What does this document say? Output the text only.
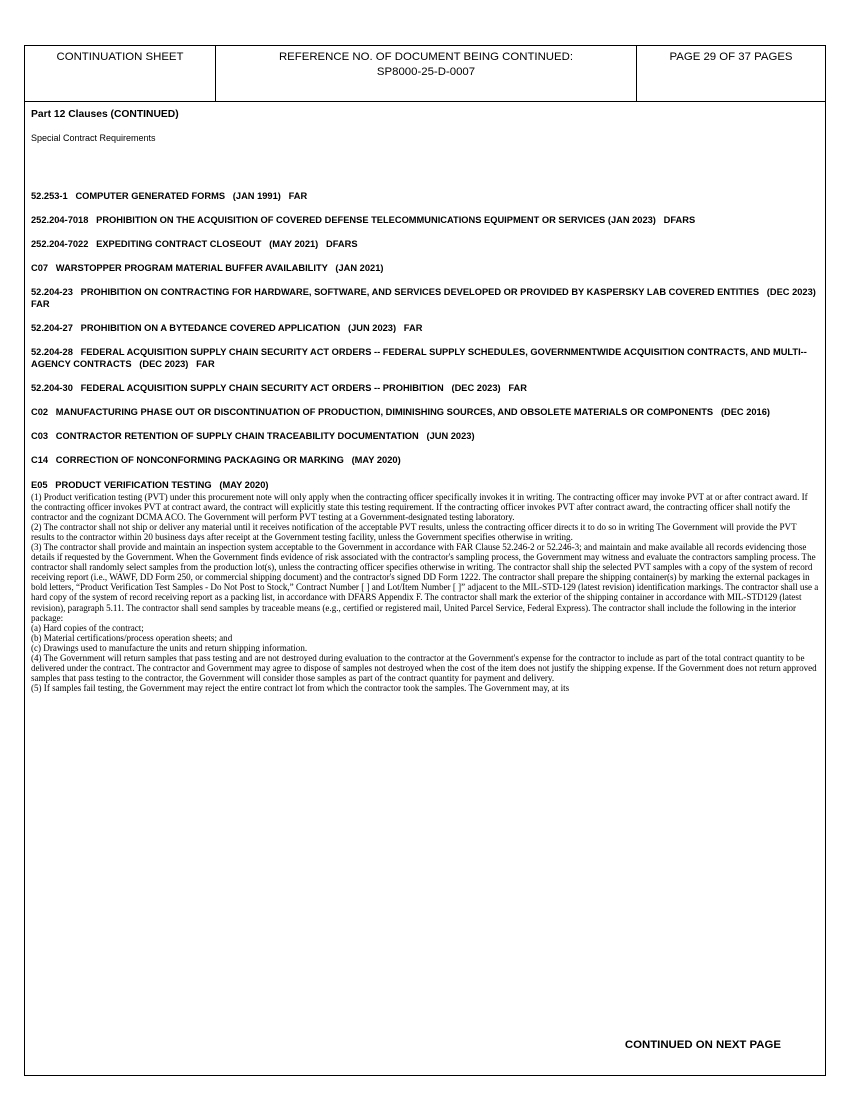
CONTINUATION SHEET	REFERENCE NO. OF DOCUMENT BEING CONTINUED:
SP8000-25-D-0007
PAGE 29 OF 37 PAGES

Part 12 Clauses (CONTINUED)

Special Contract Requirements

52.253-1   COMPUTER GENERATED FORMS   (JAN 1991)   FAR

252.204-7018   PROHIBITION ON THE ACQUISITION OF COVERED DEFENSE TELECOMMUNICATIONS EQUIPMENT OR SERVICES (JAN 2023)   DFARS

252.204-7022   EXPEDITING CONTRACT CLOSEOUT   (MAY 2021)   DFARS

C07   WARSTOPPER PROGRAM MATERIAL BUFFER AVAILABILITY   (JAN 2021)

52.204-23   PROHIBITION ON CONTRACTING FOR HARDWARE, SOFTWARE, AND SERVICES DEVELOPED OR PROVIDED BY KASPERSKY LAB COVERED ENTITIES   (DEC 2023)   FAR

52.204-27   PROHIBITION ON A BYTEDANCE COVERED APPLICATION   (JUN 2023)   FAR

52.204-28   FEDERAL ACQUISITION SUPPLY CHAIN SECURITY ACT ORDERS -- FEDERAL SUPPLY SCHEDULES, GOVERNMENTWIDE ACQUISITION CONTRACTS, AND MULTI--AGENCY CONTRACTS   (DEC 2023)   FAR

52.204-30   FEDERAL ACQUISITION SUPPLY CHAIN SECURITY ACT ORDERS -- PROHIBITION   (DEC 2023)   FAR

C02   MANUFACTURING PHASE OUT OR DISCONTINUATION OF PRODUCTION, DIMINISHING SOURCES, AND OBSOLETE MATERIALS OR COMPONENTS   (DEC 2016)

C03   CONTRACTOR RETENTION OF SUPPLY CHAIN TRACEABILITY DOCUMENTATION   (JUN 2023)

C14   CORRECTION OF NONCONFORMING PACKAGING OR MARKING   (MAY 2020)

E05   PRODUCT VERIFICATION TESTING   (MAY 2020)

(1) Product verification testing (PVT) under this procurement note will only apply when the contracting officer specifically invokes it in writing. The contracting officer may invoke PVT at or after contract award. If the contracting officer invokes PVT at contract award, the contract will explicitly state this testing requirement. If the contracting officer invokes PVT after contract award, the contracting officer shall notify the contractor and the cognizant DCMA ACO. The Government will perform PVT testing at a Government-designated testing laboratory.

(2) The contractor shall not ship or deliver any material until it receives notification of the acceptable PVT results, unless the contracting officer directs it to do so in writing The Government will provide the PVT results to the contractor within 20 business days after receipt at the Government testing facility, unless the Government specifies otherwise in writing.

(3) The contractor shall provide and maintain an inspection system acceptable to the Government in accordance with FAR Clause 52.246-2 or 52.246-3; and maintain and make available all records evidencing those details if requested by the Government. When the Government finds evidence of risk associated with the contractor's sampling process, the Government may witness and evaluate the contractors sampling process. The contractor shall randomly select samples from the production lot(s), unless the contracting officer specifies otherwise in writing. The contractor shall ship the selected PVT samples with a copy of the system of record receiving report (i.e., WAWF, DD Form 250, or commercial shipping document) and the contractor's signed DD Form 1222. The contractor shall prepare the shipping container(s) by marking the external packages in bold letters, “Product Verification Test Samples - Do Not Post to Stock,” Contract Number [ ] and Lot/Item Number [ ]” adjacent to the MIL-STD-129 (latest revision) identification markings. The contractor shall use a hard copy of the system of record receiving report as a packing list, in accordance with DFARS Appendix F. The contractor shall mark the exterior of the shipping container in accordance with MIL-STD129 (latest revision), paragraph 5.11. The contractor shall send samples by traceable means (e.g., certified or registered mail, United Parcel Service, Federal Express). The contractor shall include the following in the interior package:

(a) Hard copies of the contract;

(b) Material certifications/process operation sheets; and

(c) Drawings used to manufacture the units and return shipping information.

(4) The Government will return samples that pass testing and are not destroyed during evaluation to the contractor at the Government's expense for the contractor to include as part of the total contract quantity to be delivered under the contract. The contractor and Government may agree to dispose of samples not destroyed when the cost of the item does not justify the shipping expense. If the Government does not return approved samples that pass testing to the contractor, the Government will consider those samples as part of the contract quantity for payment and delivery.

(5) If samples fail testing, the Government may reject the entire contract lot from which the contractor took the samples. The Government may, at its

CONTINUED ON NEXT PAGE
